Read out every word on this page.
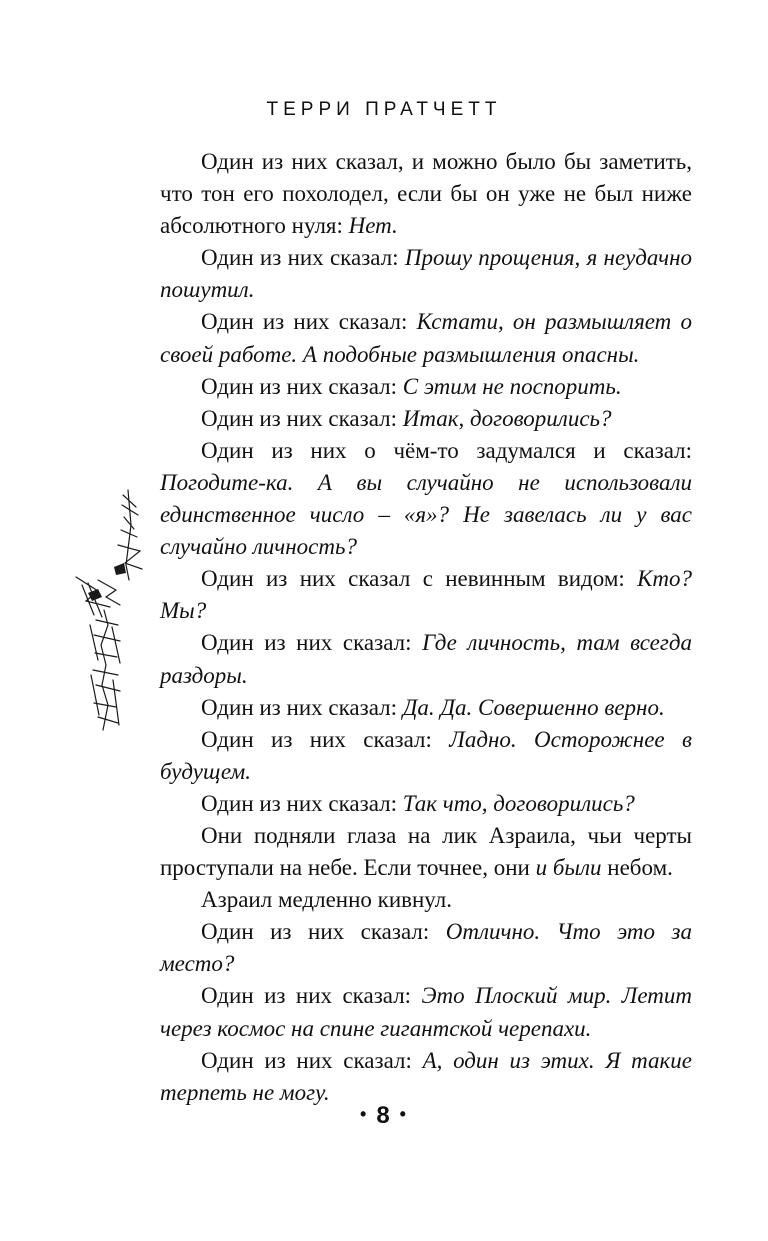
ТЕРРИ ПРАТЧЕТТ

Один из них сказал, и можно было бы заметить, что тон его похолодел, если бы он уже не был ниже абсолютного нуля: Нет.

Один из них сказал: Прошу прощения, я неудачно пошутил.

Один из них сказал: Кстати, он размышляет о своей работе. А подобные размышления опасны.

Один из них сказал: С этим не поспорить.

Один из них сказал: Итак, договорились?

Один из них о чём-то задумался и сказал: Погодите-ка. А вы случайно не использовали единственное число – «я»? Не завелась ли у вас случайно личность?

Один из них сказал с невинным видом: Кто? Мы?

Один из них сказал: Где личность, там всегда раздоры.

Один из них сказал: Да. Да. Совершенно верно.

Один из них сказал: Ладно. Осторожнее в будущем.

Один из них сказал: Так что, договорились?

Они подняли глаза на лик Азраила, чьи черты проступали на небе. Если точнее, они и были небом.

Азраил медленно кивнул.

Один из них сказал: Отлично. Что это за место?

Один из них сказал: Это Плоский мир. Летит через космос на спине гигантской черепахи.

Один из них сказал: А, один из этих. Я такие терпеть не могу.

• 8 •
